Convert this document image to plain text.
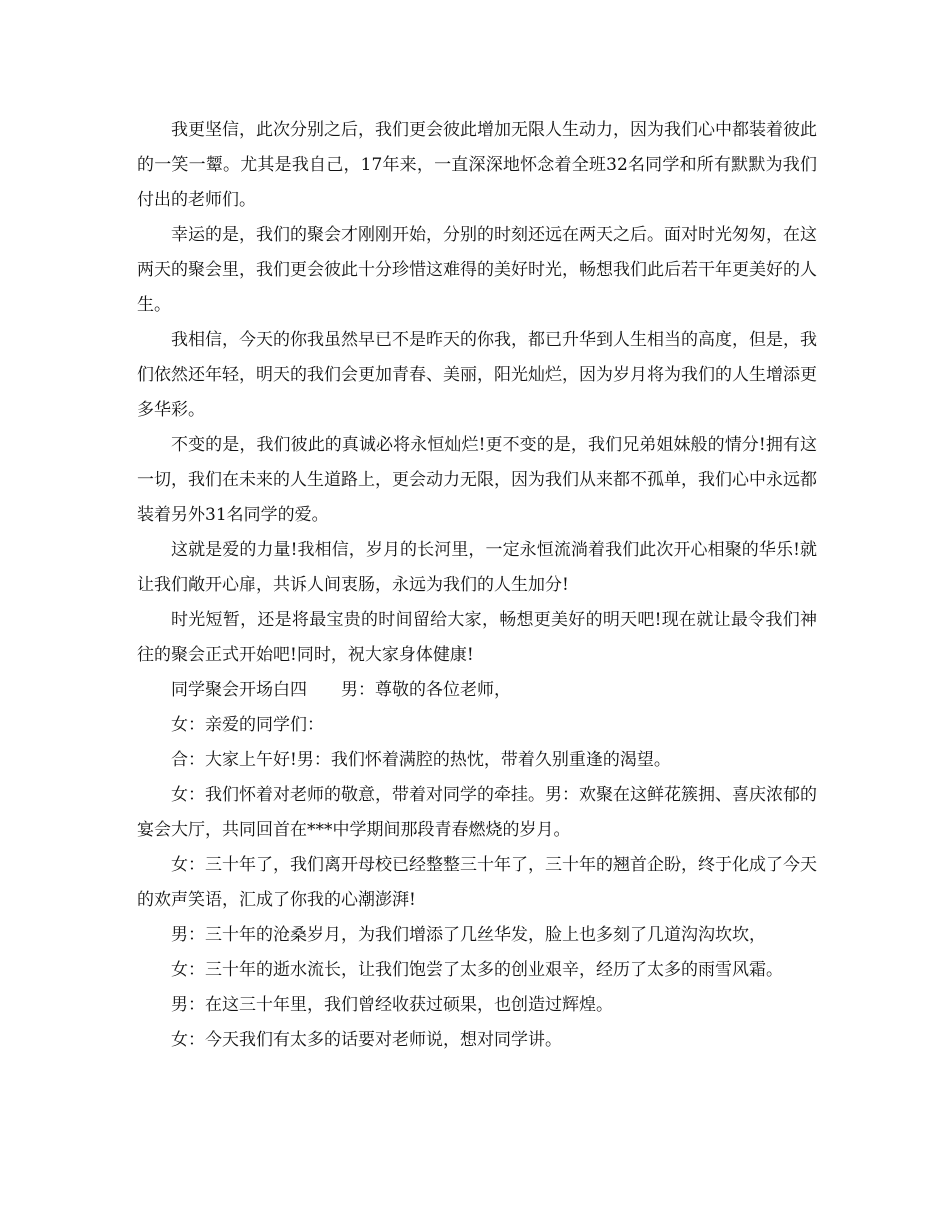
我更坚信，此次分别之后，我们更会彼此增加无限人生动力，因为我们心中都装着彼此的一笑一颦。尤其是我自己，17年来，一直深深地怀念着全班32名同学和所有默默为我们付出的老师们。

幸运的是，我们的聚会才刚刚开始，分别的时刻还远在两天之后。面对时光匆匆，在这两天的聚会里，我们更会彼此十分珍惜这难得的美好时光，畅想我们此后若干年更美好的人生。

我相信，今天的你我虽然早已不是昨天的你我，都已升华到人生相当的高度，但是，我们依然还年轻，明天的我们会更加青春、美丽，阳光灿烂，因为岁月将为我们的人生增添更多华彩。

不变的是，我们彼此的真诚必将永恒灿烂!更不变的是，我们兄弟姐妹般的情分!拥有这一切，我们在未来的人生道路上，更会动力无限，因为我们从来都不孤单，我们心中永远都装着另外31名同学的爱。

这就是爱的力量!我相信，岁月的长河里，一定永恒流淌着我们此次开心相聚的华乐!就让我们敞开心扉，共诉人间衷肠，永远为我们的人生加分!

时光短暂，还是将最宝贵的时间留给大家，畅想更美好的明天吧!现在就让最令我们神往的聚会正式开始吧!同时，祝大家身体健康!

同学聚会开场白四　　男：尊敬的各位老师，

女：亲爱的同学们：

合：大家上午好!男：我们怀着满腔的热忱，带着久别重逢的渴望。

女：我们怀着对老师的敬意，带着对同学的牵挂。男：欢聚在这鲜花簇拥、喜庆浓郁的宴会大厅，共同回首在***中学期间那段青春燃烧的岁月。

女：三十年了，我们离开母校已经整整三十年了，三十年的翘首企盼，终于化成了今天的欢声笑语，汇成了你我的心潮澎湃!

男：三十年的沧桑岁月，为我们增添了几丝华发，脸上也多刻了几道沟沟坎坎，

女：三十年的逝水流长，让我们饱尝了太多的创业艰辛，经历了太多的雨雪风霜。

男：在这三十年里，我们曾经收获过硕果，也创造过辉煌。

女：今天我们有太多的话要对老师说，想对同学讲。
